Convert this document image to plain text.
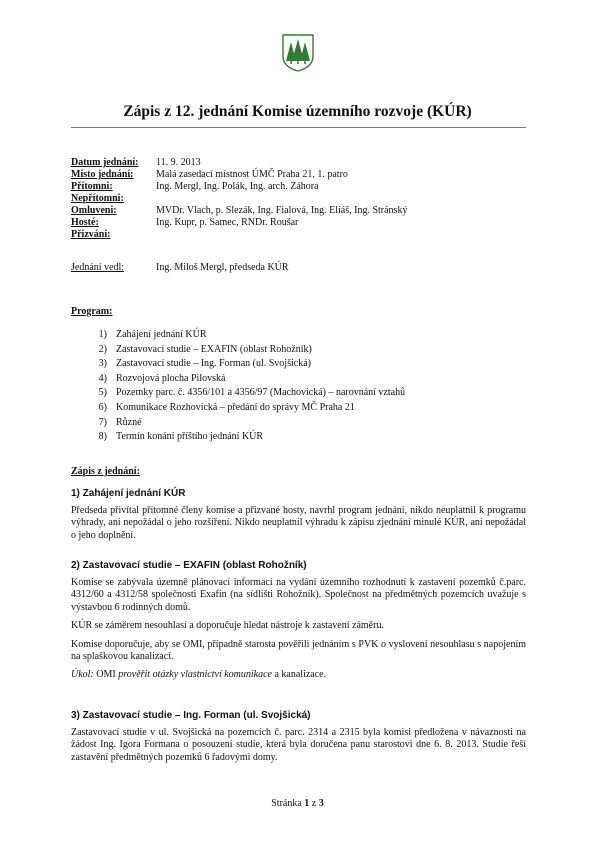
Zápis z 12. jednání Komise územního rozvoje (KÚR)
Datum jednání:	11. 9. 2013
Místo jednání:	Malá zasedací místnost ÚMČ Praha 21, 1. patro
Přítomni:	Ing. Mergl, Ing. Polák, Ing. arch. Záhora
Nepřítomni:
Omluveni:	MVDr. Vlach, p. Slezák, Ing. Fialová, Ing. Eliáš, Ing. Stránský
Hosté:	Ing. Kupr, p. Samec, RNDr. Roušar
Přizváni:
Jednání vedl:	Ing. Miloš Mergl, předseda KÚR
Program:
1) Zahájení jednání KÚR
2) Zastavovací studie – EXAFIN (oblast Rohožník)
3) Zastavovací studie – Ing. Forman (ul. Svojšická)
4) Rozvojová plocha Pilovská
5) Pozemky parc. č. 4356/101 a 4356/97 (Machovická) – narovnání vztahů
6) Komunikace Rozhovická – předání do správy MČ Praha 21
7) Různé
8) Termín konání příštího jednání KÚR
Zápis z jednání:
1) Zahájení jednání KÚR

Předseda přivítal přítomné členy komise a přizvané hosty, navrhl program jednání, nikdo neuplatnil k programu výhrady, ani nepožádal o jeho rozšíření. Nikdo neuplatnil výhradu k zápisu zjednání minulé KÚR, ani nepožádal o jeho doplnění.

2) Zastavovací studie – EXAFIN (oblast Rohožník)

Komise se zabývala územně plánovací informací na vydání územního rozhodnutí k zastavení pozemků č.parc. 4312/60 a 4312/58 společnosti Exafin (na sídlišti Rohožník). Společnost na předmětných pozemcích uvažuje s výstavbou 6 rodinných domů.

KÚR se záměrem nesouhlasí a doporučuje hledat nástroje k zastavení záměru.

Komise doporučuje, aby se OMI, případně starosta pověřili jednáním s PVK o vyslovení nesouhlasu s napojením na splaškovou kanalizací.

Úkol: OMI prověřit otázky vlastnictví komunikace a kanalizace.

3) Zastavovací studie – Ing. Forman (ul. Svojšická)

Zastavovací studie v ul. Svojšická na pozemcích č. parc. 2314 a 2315 byla komisi předložena v návaznosti na žádost Ing. Igora Formana o posouzení studie, která byla doručena panu starostovi dne 6. 8. 2013. Studie řeší zastavění předmětných pozemků 6 řadovými domy.

Stránka 1 z 3
